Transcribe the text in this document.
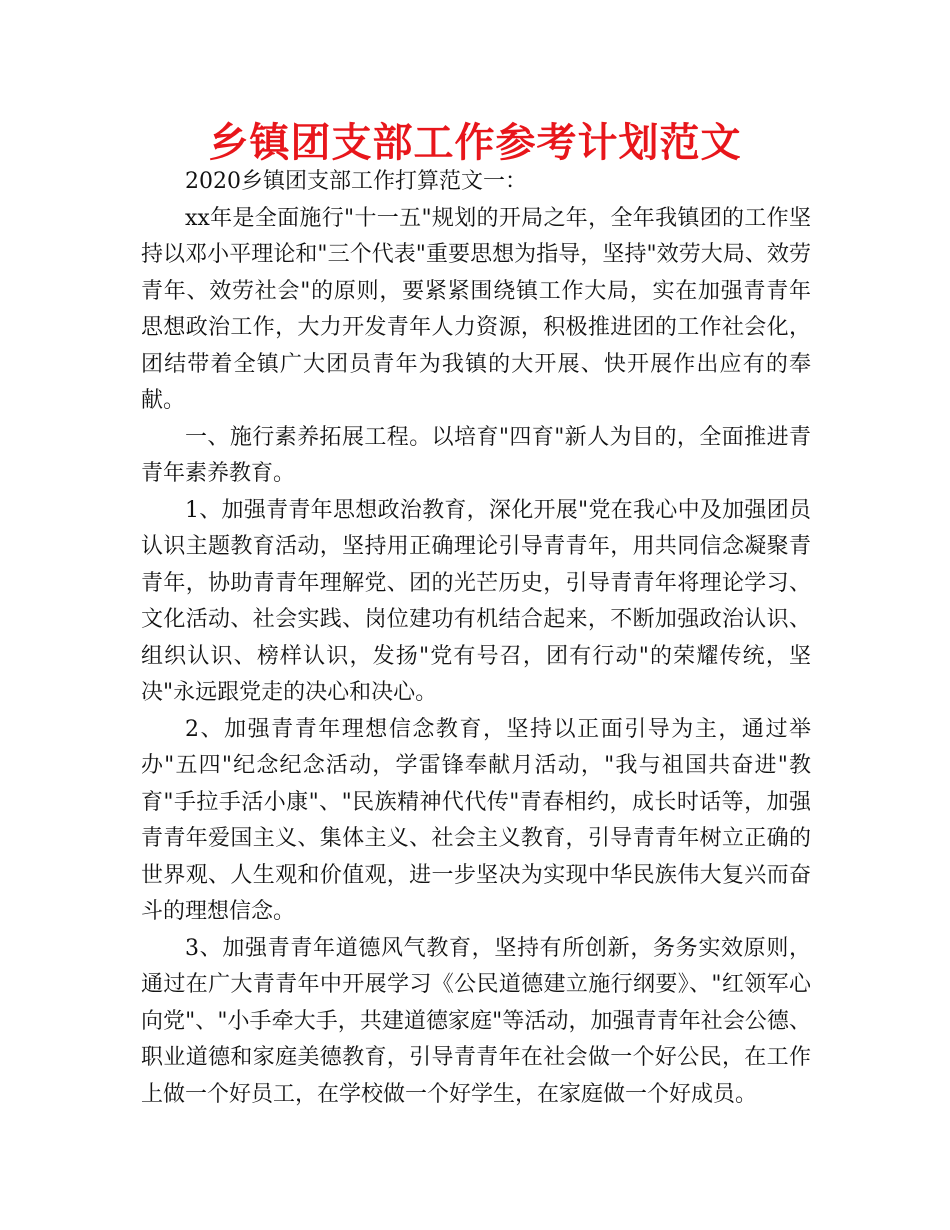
乡镇团支部工作参考计划范文

2020乡镇团支部工作打算范文一：

xx年是全面施行"十一五"规划的开局之年，全年我镇团的工作坚持以邓小平理论和"三个代表"重要思想为指导，坚持"效劳大局、效劳青年、效劳社会"的原则，要紧紧围绕镇工作大局，实在加强青青年思想政治工作，大力开发青年人力资源，积极推进团的工作社会化，团结带着全镇广大团员青年为我镇的大开展、快开展作出应有的奉献。

一、施行素养拓展工程。以培育"四育"新人为目的，全面推进青青年素养教育。

1、加强青青年思想政治教育，深化开展"党在我心中及加强团员认识主题教育活动，坚持用正确理论引导青青年，用共同信念凝聚青青年，协助青青年理解党、团的光芒历史，引导青青年将理论学习、文化活动、社会实践、岗位建功有机结合起来，不断加强政治认识、组织认识、榜样认识，发扬"党有号召，团有行动"的荣耀传统，坚决"永远跟党走的决心和决心。

2、加强青青年理想信念教育，坚持以正面引导为主，通过举办"五四"纪念纪念活动，学雷锋奉献月活动，"我与祖国共奋进"教育"手拉手活小康"、"民族精神代代传"青春相约，成长时话等，加强青青年爱国主义、集体主义、社会主义教育，引导青青年树立正确的世界观、人生观和价值观，进一步坚决为实现中华民族伟大复兴而奋斗的理想信念。

3、加强青青年道德风气教育，坚持有所创新，务务实效原则，通过在广大青青年中开展学习《公民道德建立施行纲要》、"红领军心向党"、"小手牵大手，共建道德家庭"等活动，加强青青年社会公德、职业道德和家庭美德教育，引导青青年在社会做一个好公民，在工作上做一个好员工，在学校做一个好学生，在家庭做一个好成员。
